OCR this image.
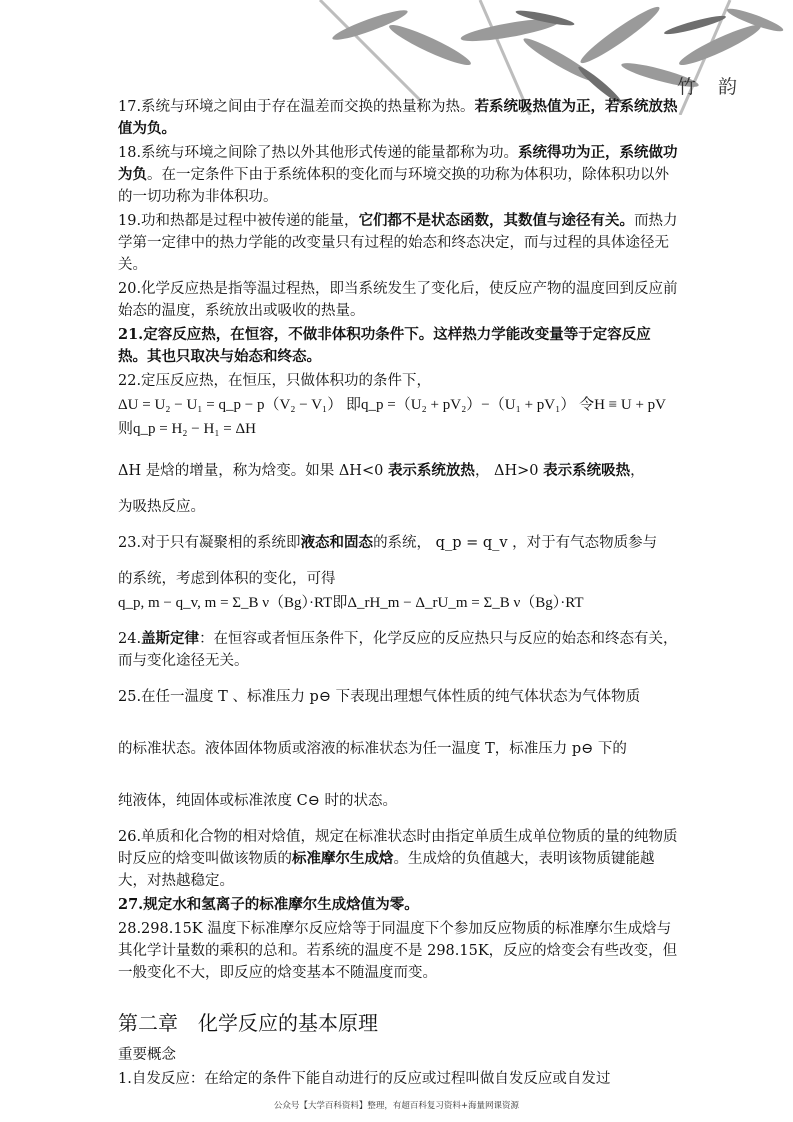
竹 韵

17.系统与环境之间由于存在温差而交换的热量称为热。若系统吸热值为正，若系统放热值为负。

18.系统与环境之间除了热以外其他形式传递的能量都称为功。系统得功为正，系统做功为负。在一定条件下由于系统体积的变化而与环境交换的功称为体积功，除体积功以外的一切功称为非体积功。

19.功和热都是过程中被传递的能量，它们都不是状态函数，其数值与途径有关。而热力学第一定律中的热力学能的改变量只有过程的始态和终态决定，而与过程的具体途径无关。

20.化学反应热是指等温过程热，即当系统发生了变化后，使反应产物的温度回到反应前始态的温度，系统放出或吸收的热量。

21.定容反应热，在恒容，不做非体积功条件下。这样热力学能改变量等于定容反应热。其也只取决与始态和终态。

22.定压反应热，在恒压，只做体积功的条件下，

ΔU = U₂ − U₁ = q_p − p（V₂ − V₁） 即q_p =（U₂ + pV₂）−（U₁ + pV₁） 令H ≡ U + pV

则q_p = H₂ − H₁ = ΔH

ΔH 是焓的增量，称为焓变。如果 ΔH<0 表示系统放热， ΔH>0 表示系统吸热，

为吸热反应。

23.对于只有凝聚相的系统即液态和固态的系统， q_p = q_v ，对于有气态物质参与

的系统，考虑到体积的变化，可得

q_p, m − q_v, m = Σ_B ν（Bg）·RT即Δ_rH_m − Δ_rU_m = Σ_B ν（Bg）·RT

24.盖斯定律：在恒容或者恒压条件下，化学反应的反应热只与反应的始态和终态有关，而与变化途径无关。

25.在任一温度 T 、标准压力 p⊖ 下表现出理想气体性质的纯气体状态为气体物质

的标准状态。液体固体物质或溶液的标准状态为任一温度 T，标准压力 p⊖ 下的

纯液体，纯固体或标准浓度 C⊖ 时的状态。

26.单质和化合物的相对焓值，规定在标准状态时由指定单质生成单位物质的量的纯物质时反应的焓变叫做该物质的标准摩尔生成焓。生成焓的负值越大，表明该物质键能越大，对热越稳定。

27.规定水和氢离子的标准摩尔生成焓值为零。

28.298.15K 温度下标准摩尔反应焓等于同温度下个参加反应物质的标准摩尔生成焓与其化学计量数的乘积的总和。若系统的温度不是 298.15K，反应的焓变会有些改变，但一般变化不大，即反应的焓变基本不随温度而变。

第二章　化学反应的基本原理

重要概念

1.自发反应：在给定的条件下能自动进行的反应或过程叫做自发反应或自发过

公众号【大学百科资料】整理，有超百科复习资料+海量网课资源
